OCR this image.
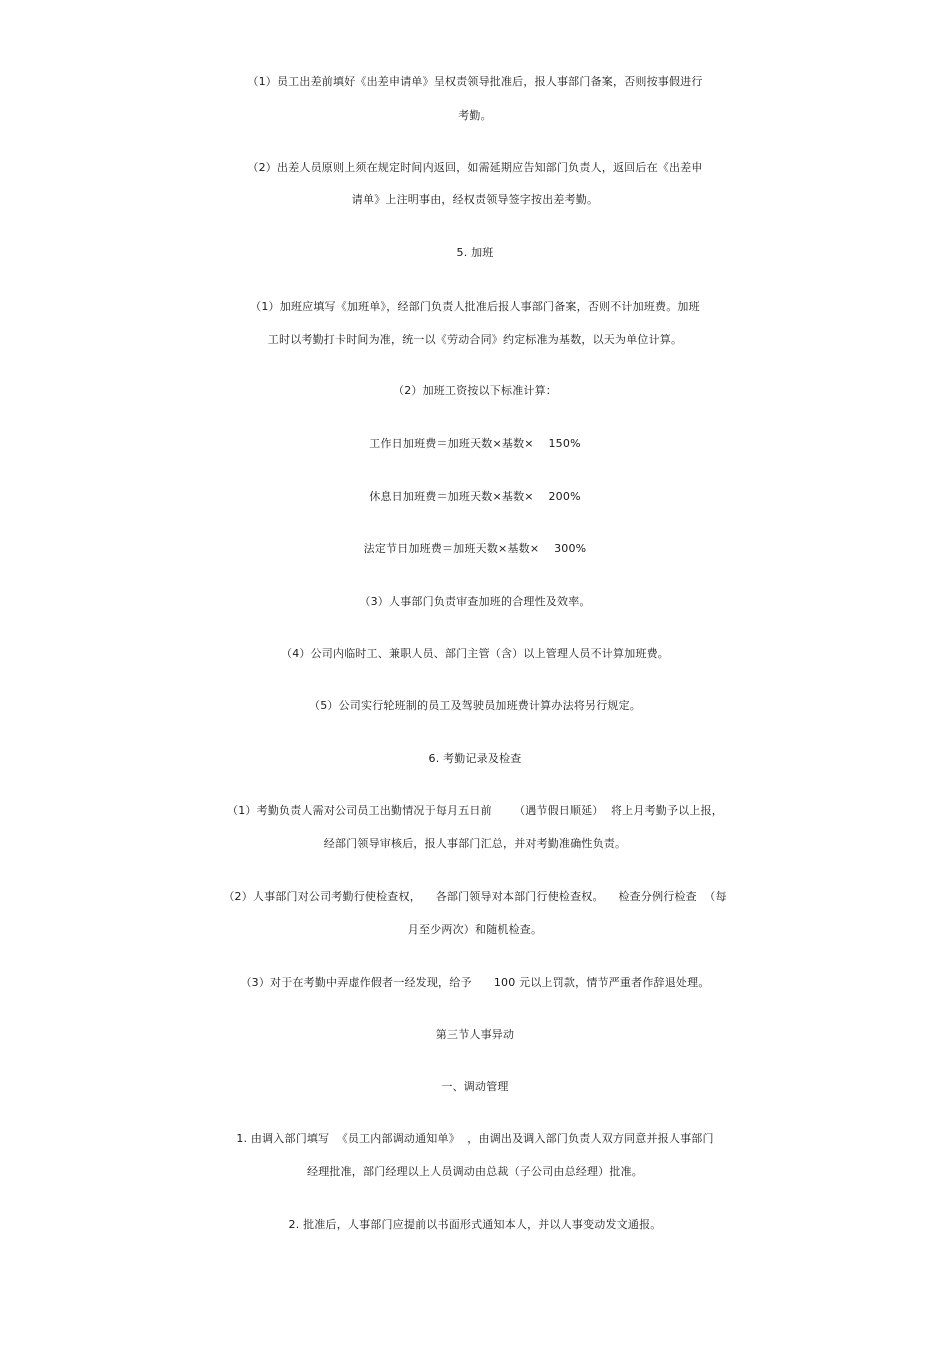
（1）员工出差前填好《出差申请单》呈权责领导批准后，报人事部门备案，否则按事假进行
考勤。
（2）出差人员原则上须在规定时间内返回，如需延期应告知部门负责人，返回后在《出差申
请单》上注明事由，经权责领导签字按出差考勤。
5. 加班
（1）加班应填写《加班单》，经部门负责人批准后报人事部门备案，否则不计加班费。加班
工时以考勤打卡时间为准，统一以《劳动合同》约定标准为基数，以天为单位计算。
（2）加班工资按以下标准计算：
工作日加班费＝加班天数×基数×    150%
休息日加班费＝加班天数×基数×    200%
法定节日加班费＝加班天数×基数×    300%
（3）人事部门负责审查加班的合理性及效率。
（4）公司内临时工、兼职人员、部门主管（含）以上管理人员不计算加班费。
（5）公司实行轮班制的员工及驾驶员加班费计算办法将另行规定。
6. 考勤记录及检查
（1）考勤负责人需对公司员工出勤情况于每月五日前      （遇节假日顺延）  将上月考勤予以上报，
经部门领导审核后，报人事部门汇总，并对考勤准确性负责。
（2）人事部门对公司考勤行使检查权，    各部门领导对本部门行使检查权。    检查分例行检查  （每
月至少两次）和随机检查。
（3）对于在考勤中弄虚作假者一经发现，给予      100 元以上罚款，情节严重者作辞退处理。
第三节人事异动
一、调动管理
1. 由调入部门填写  《员工内部调动通知单》  ，由调出及调入部门负责人双方同意并报人事部门
经理批准，部门经理以上人员调动由总裁（子公司由总经理）批准。
2. 批准后，人事部门应提前以书面形式通知本人，并以人事变动发文通报。
